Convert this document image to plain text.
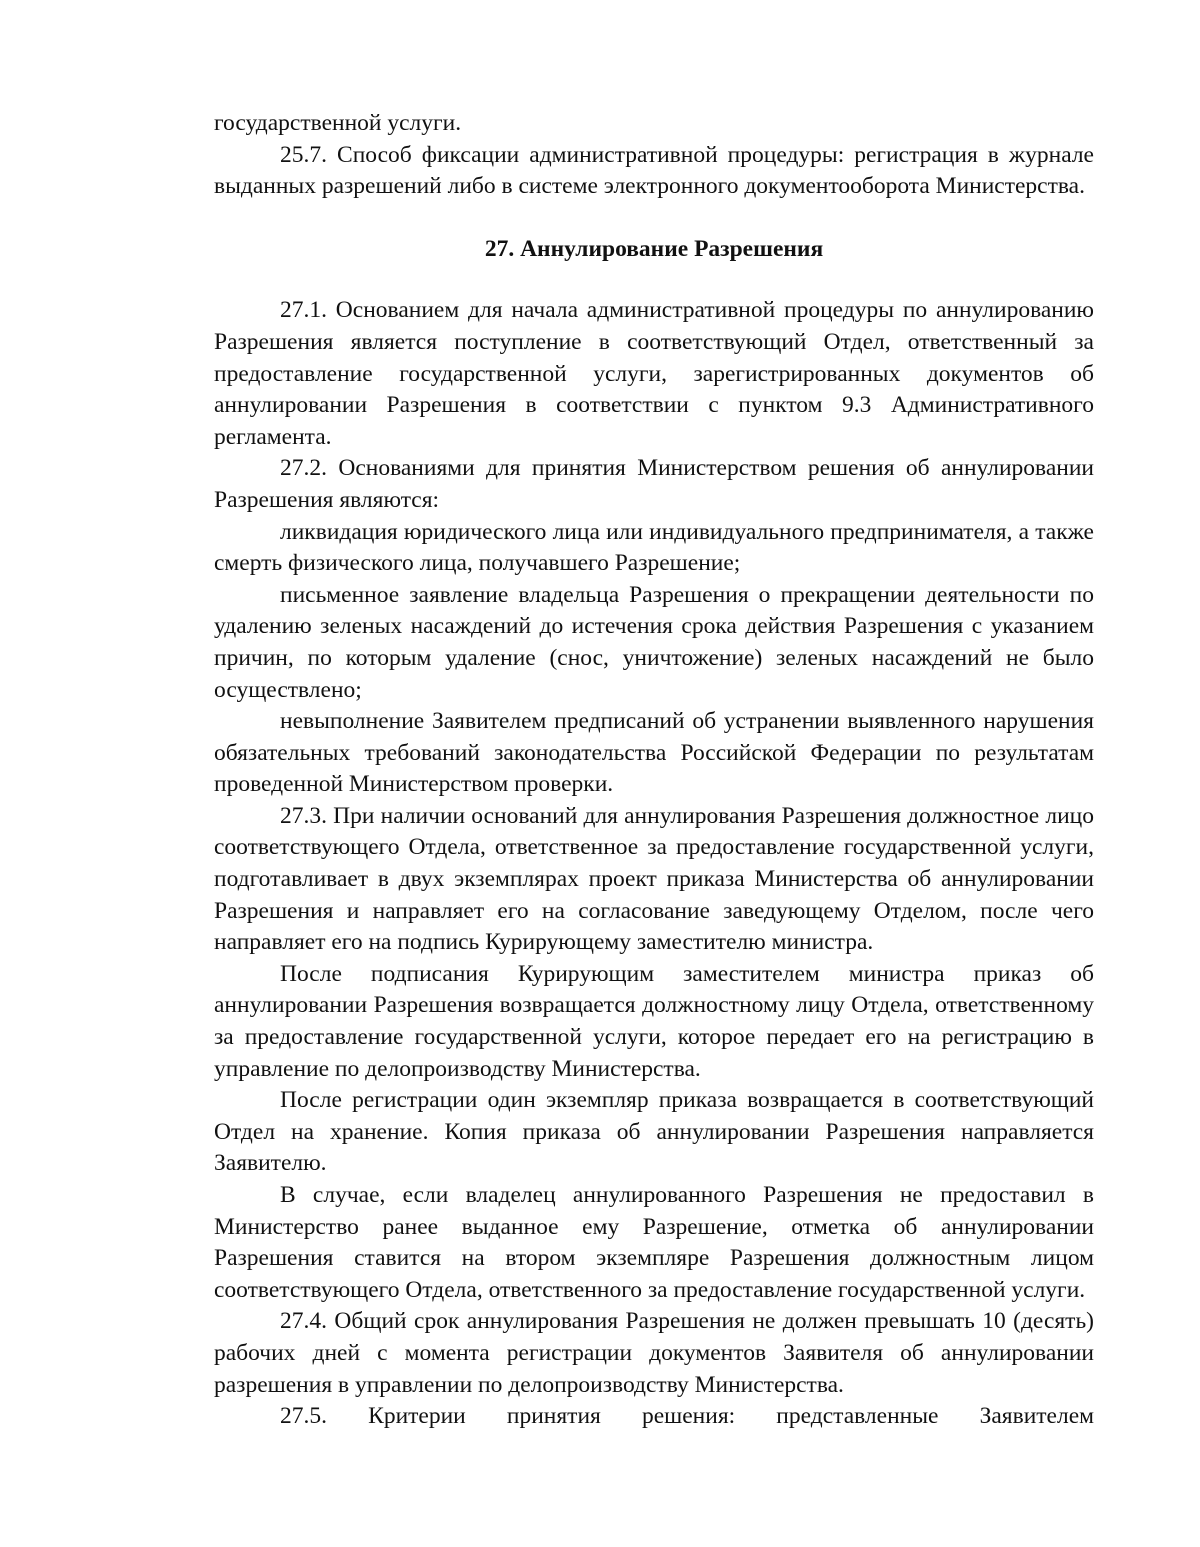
государственной услуги.

25.7. Способ фиксации административной процедуры: регистрация в журнале выданных разрешений либо в системе электронного документооборота Министерства.

27. Аннулирование Разрешения

27.1. Основанием для начала административной процедуры по аннулированию Разрешения является поступление в соответствующий Отдел, ответственный за предоставление государственной услуги, зарегистрированных документов об аннулировании Разрешения в соответствии с пунктом 9.3 Административного регламента.

27.2. Основаниями для принятия Министерством решения об аннулировании Разрешения являются:

ликвидация юридического лица или индивидуального предпринимателя, а также смерть физического лица, получавшего Разрешение;

письменное заявление владельца Разрешения о прекращении деятельности по удалению зеленых насаждений до истечения срока действия Разрешения с указанием причин, по которым удаление (снос, уничтожение) зеленых насаждений не было осуществлено;

невыполнение Заявителем предписаний об устранении выявленного нарушения обязательных требований законодательства Российской Федерации по результатам проведенной Министерством проверки.

27.3. При наличии оснований для аннулирования Разрешения должностное лицо соответствующего Отдела, ответственное за предоставление государственной услуги, подготавливает в двух экземплярах проект приказа Министерства об аннулировании Разрешения и направляет его на согласование заведующему Отделом, после чего направляет его на подпись Курирующему заместителю министра.

После подписания Курирующим заместителем министра приказ об аннулировании Разрешения возвращается должностному лицу Отдела, ответственному за предоставление государственной услуги, которое передает его на регистрацию в управление по делопроизводству Министерства.

После регистрации один экземпляр приказа возвращается в соответствующий Отдел на хранение. Копия приказа об аннулировании Разрешения направляется Заявителю.

В случае, если владелец аннулированного Разрешения не предоставил в Министерство ранее выданное ему Разрешение, отметка об аннулировании Разрешения ставится на втором экземпляре Разрешения должностным лицом соответствующего Отдела, ответственного за предоставление государственной услуги.

27.4. Общий срок аннулирования Разрешения не должен превышать 10 (десять) рабочих дней с момента регистрации документов Заявителя об аннулировании разрешения в управлении по делопроизводству Министерства.

27.5. Критерии принятия решения: представленные Заявителем
